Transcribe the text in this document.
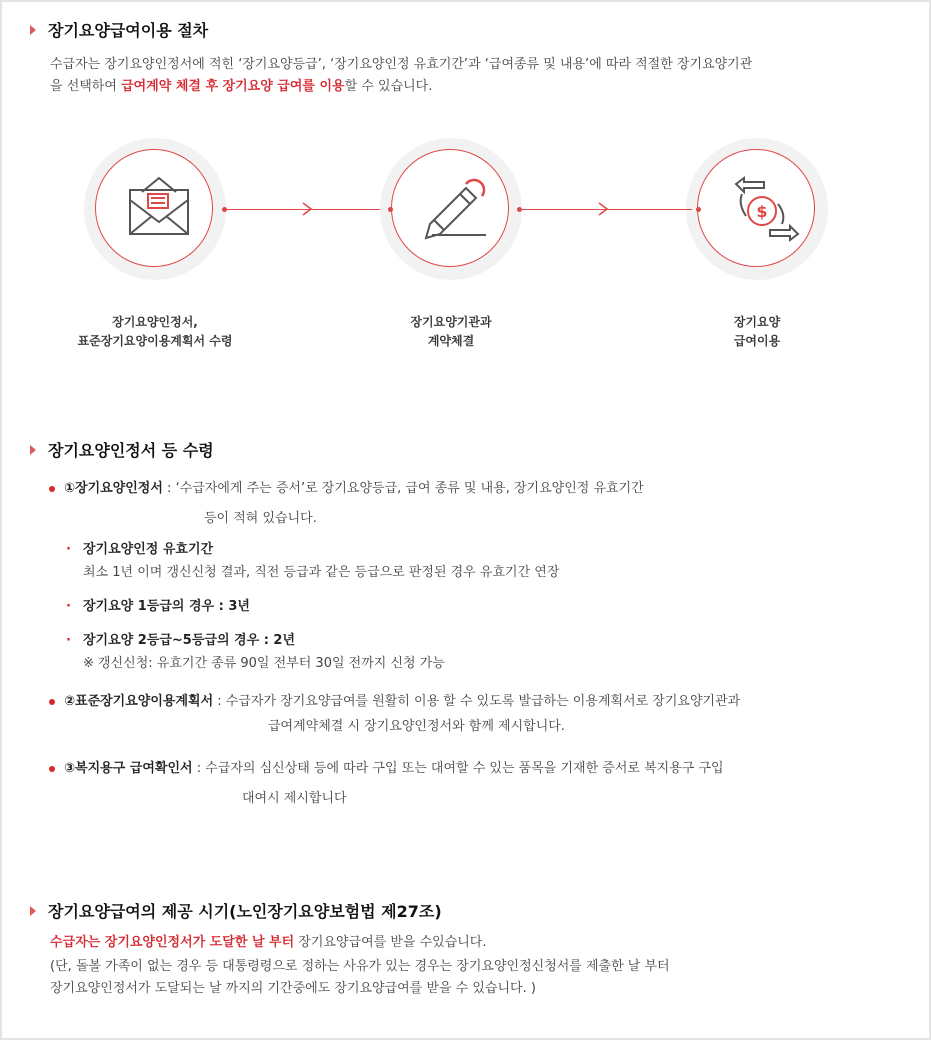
장기요양급여이용 절차
수급자는 장기요양인정서에 적힌 ‘장기요양등급’, ‘장기요양인정 유효기간’과 ‘급여종류 및 내용’에 따라 적절한 장기요양기관
을 선택하여 급여계약 체결 후 장기요양 급여를 이용할 수 있습니다.
$
장기요양인정서,
표준장기요양이용계획서 수령
장기요양기관과
계약체결
장기요양
급여이용
장기요양인정서 등 수령
①장기요양인정서 : ‘수급자에게 주는 증서’로 장기요양등급, 급여 종류 및 내용, 장기요양인정 유효기간
등이 적혀 있습니다.
· 장기요양인정 유효기간
최소 1년 이며 갱신신청 결과, 직전 등급과 같은 등급으로 판정된 경우 유효기간 연장
· 장기요양 1등급의 경우 : 3년
· 장기요양 2등급~5등급의 경우 : 2년
※ 갱신신청: 유효기간 종류 90일 전부터 30일 전까지 신청 가능
②표준장기요양이용계획서 : 수급자가 장기요양급여를 원활히 이용 할 수 있도록 발급하는 이용계획서로 장기요양기관과
급여계약체결 시 장기요양인정서와 함께 제시합니다.
③복지용구 급여확인서 : 수급자의 심신상태 등에 따라 구입 또는 대여할 수 있는 품목을 기재한 증서로 복지용구 구입
대여시 제시합니다
장기요양급여의 제공 시기(노인장기요양보험법 제27조)
수급자는 장기요양인정서가 도달한 날 부터 장기요양급여를 받을 수있습니다.
(단, 돌볼 가족이 없는 경우 등 대통령령으로 정하는 사유가 있는 경우는 장기요양인정신청서를 제출한 날 부터
장기요양인정서가 도달되는 날 까지의 기간중에도 장기요양급여를 받을 수 있습니다. )
